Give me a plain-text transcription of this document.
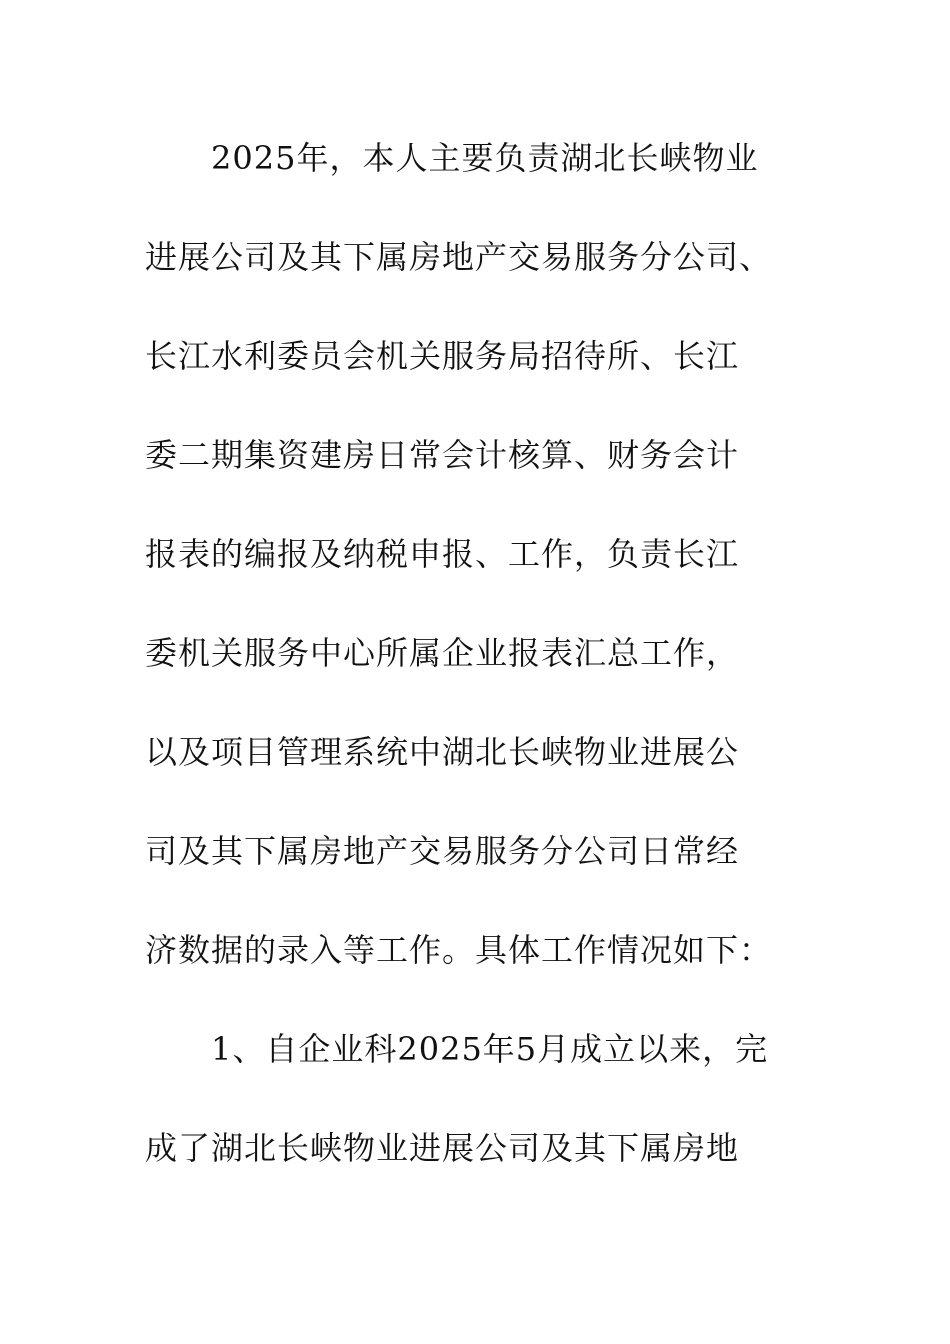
2025年，本人主要负责湖北长峡物业
进展公司及其下属房地产交易服务分公司、
长江水利委员会机关服务局招待所、长江
委二期集资建房日常会计核算、财务会计
报表的编报及纳税申报、工作，负责长江
委机关服务中心所属企业报表汇总工作，
以及项目管理系统中湖北长峡物业进展公
司及其下属房地产交易服务分公司日常经
济数据的录入等工作。具体工作情况如下：
1、自企业科2025年5月成立以来，完
成了湖北长峡物业进展公司及其下属房地
